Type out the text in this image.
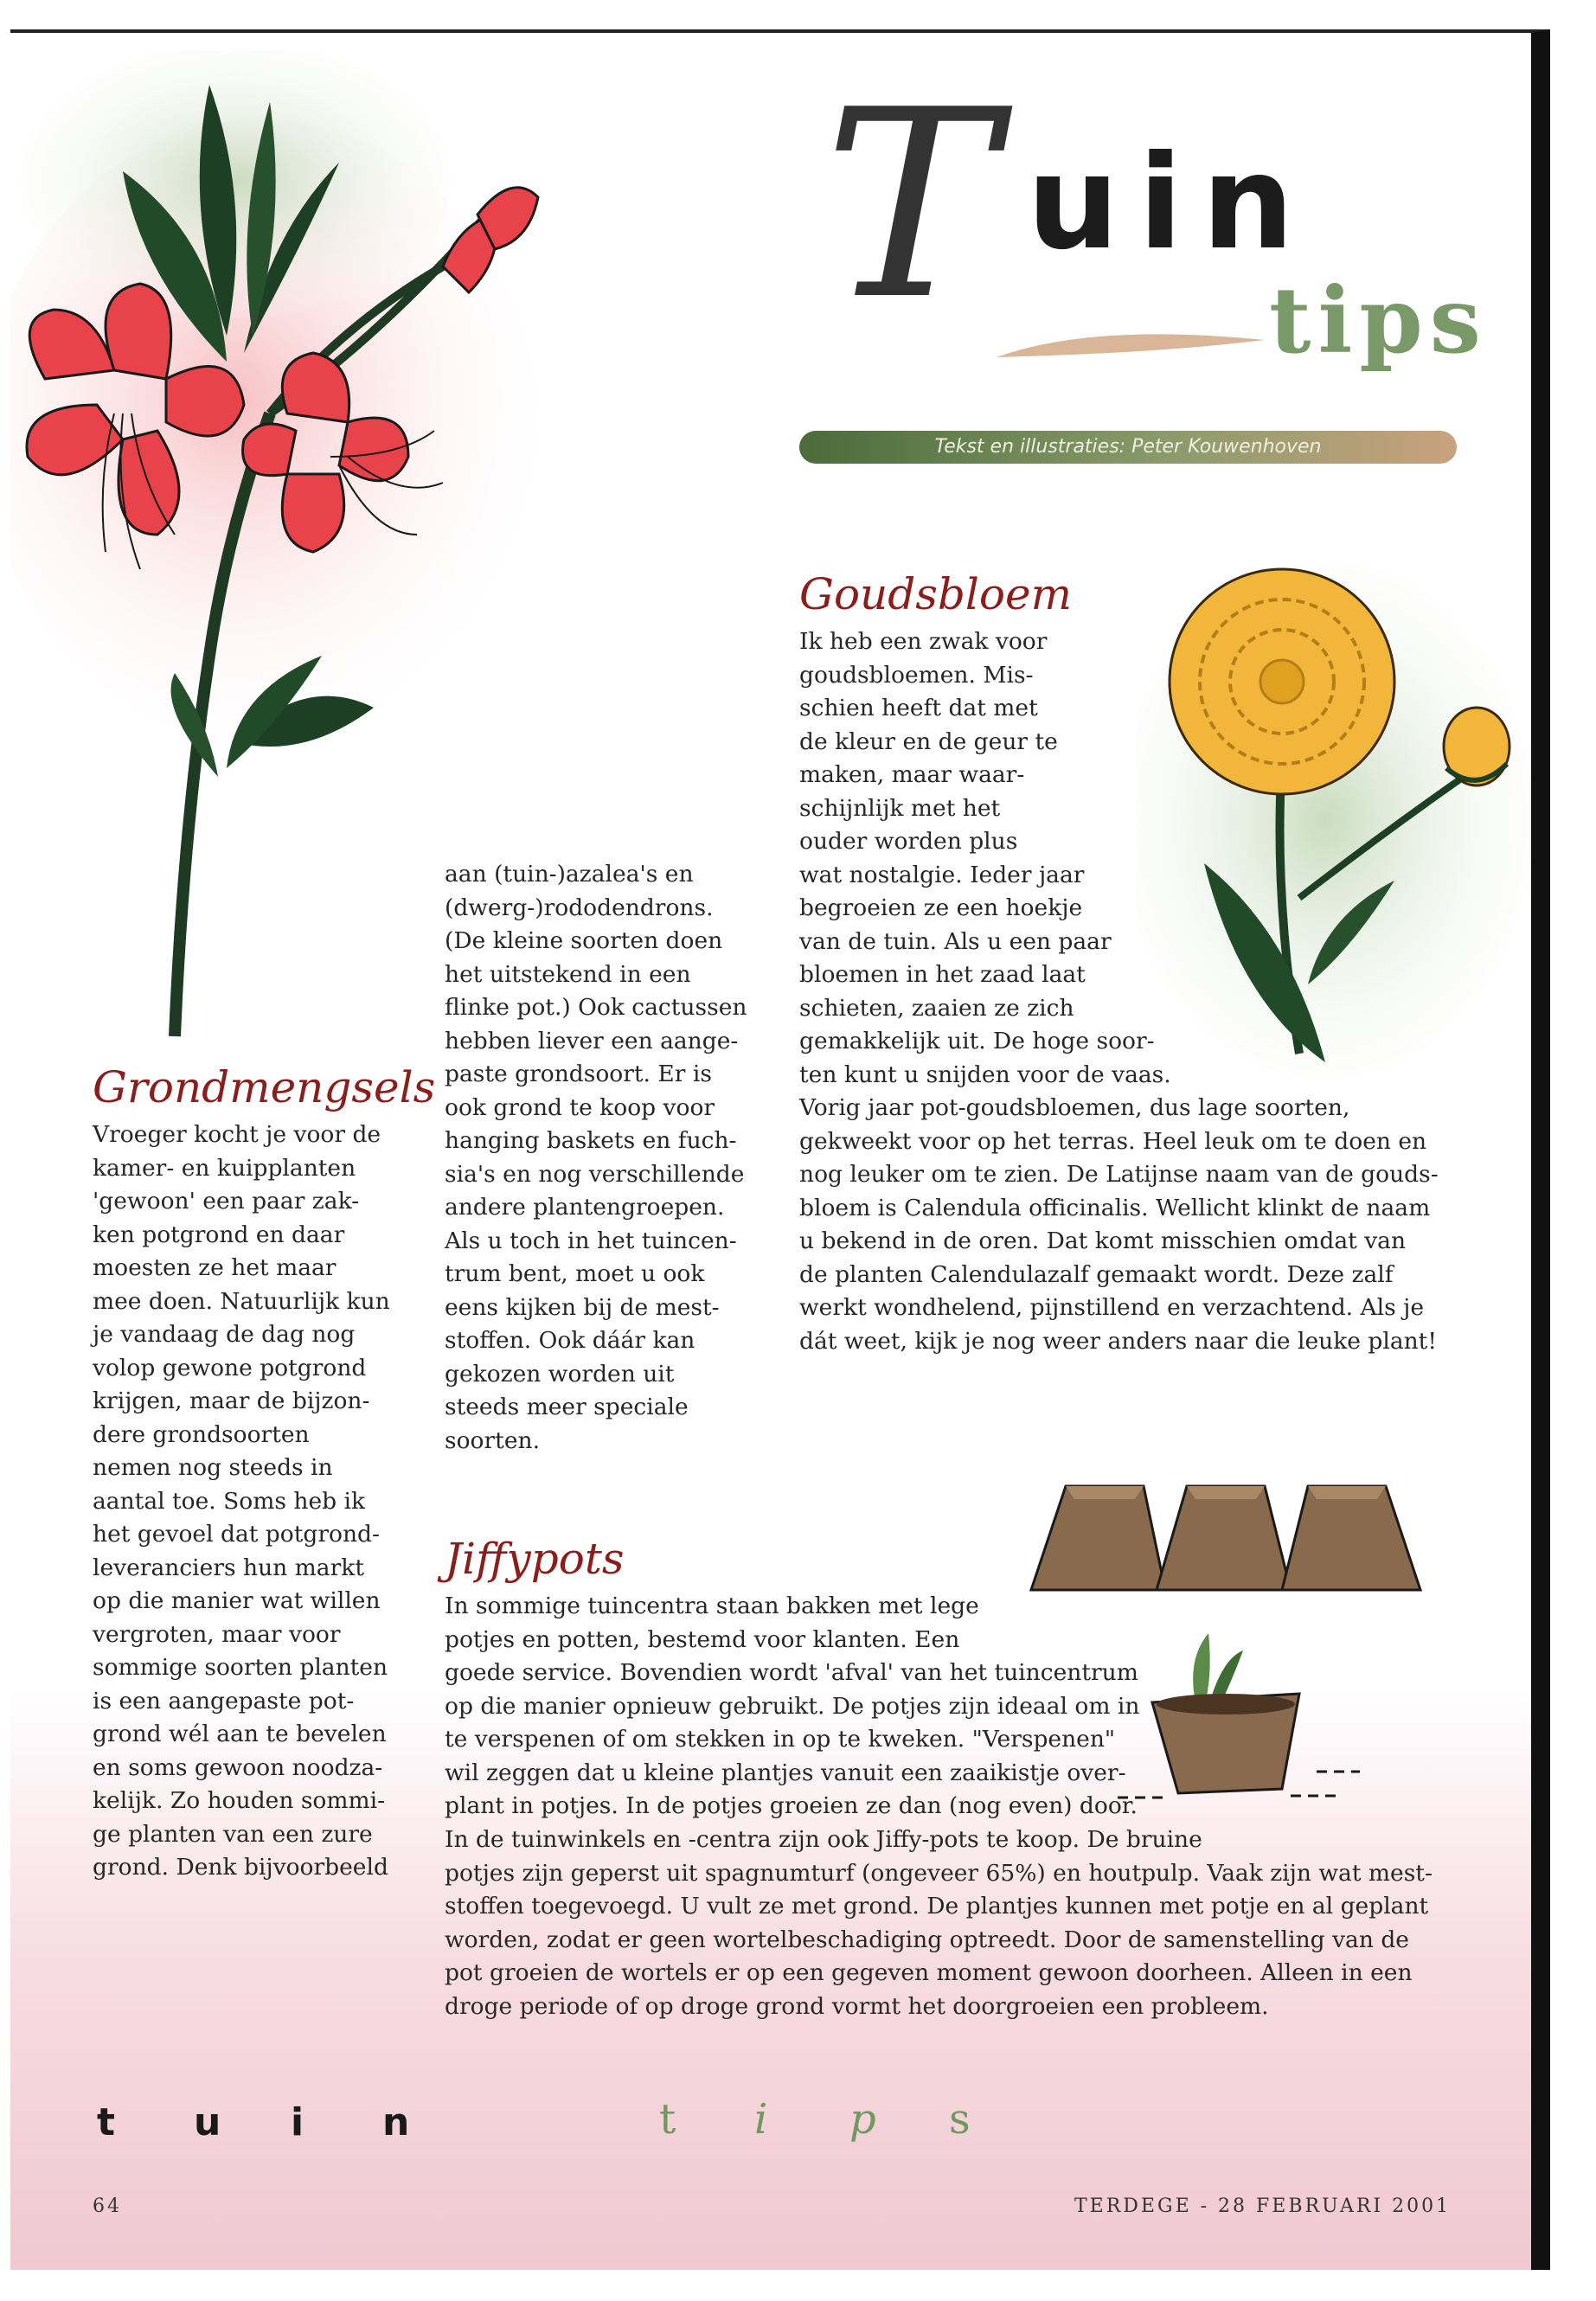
T uin
tips
Tekst en illustraties: Peter Kouwenhoven
Goudsbloem
Ik heb een zwak voor
goudsbloemen. Mis-
schien heeft dat met
de kleur en de geur te
maken, maar waar-
schijnlijk met het
ouder worden plus
wat nostalgie. Ieder jaar
begroeien ze een hoekje
van de tuin. Als u een paar
bloemen in het zaad laat
schieten, zaaien ze zich
gemakkelijk uit. De hoge soor-
ten kunt u snijden voor de vaas.
Vorig jaar pot-goudsbloemen, dus lage soorten,
gekweekt voor op het terras. Heel leuk om te doen en
nog leuker om te zien. De Latijnse naam van de gouds-
bloem is Calendula officinalis. Wellicht klinkt de naam
u bekend in de oren. Dat komt misschien omdat van
de planten Calendulazalf gemaakt wordt. Deze zalf
werkt wondhelend, pijnstillend en verzachtend. Als je
dát weet, kijk je nog weer anders naar die leuke plant!
Grondmengsels
Vroeger kocht je voor de
kamer- en kuipplanten
'gewoon' een paar zak-
ken potgrond en daar
moesten ze het maar
mee doen. Natuurlijk kun
je vandaag de dag nog
volop gewone potgrond
krijgen, maar de bijzon-
dere grondsoorten
nemen nog steeds in
aantal toe. Soms heb ik
het gevoel dat potgrond-
leveranciers hun markt
op die manier wat willen
vergroten, maar voor
sommige soorten planten
is een aangepaste pot-
grond wél aan te bevelen
en soms gewoon noodza-
kelijk. Zo houden sommi-
ge planten van een zure
grond. Denk bijvoorbeeld
aan (tuin-)azalea's en
(dwerg-)rododendrons.
(De kleine soorten doen
het uitstekend in een
flinke pot.) Ook cactussen
hebben liever een aange-
paste grondsoort. Er is
ook grond te koop voor
hanging baskets en fuch-
sia's en nog verschillende
andere plantengroepen.
Als u toch in het tuincen-
trum bent, moet u ook
eens kijken bij de mest-
stoffen. Ook dáár kan
gekozen worden uit
steeds meer speciale
soorten.
Jiffypots
In sommige tuincentra staan bakken met lege
potjes en potten, bestemd voor klanten. Een
goede service. Bovendien wordt 'afval' van het tuincentrum
op die manier opnieuw gebruikt. De potjes zijn ideaal om in
te verspenen of om stekken in op te kweken. "Verspenen"
wil zeggen dat u kleine plantjes vanuit een zaaikistje over-
plant in potjes. In de potjes groeien ze dan (nog even) door.
In de tuinwinkels en -centra zijn ook Jiffy-pots te koop. De bruine
potjes zijn geperst uit spagnumturf (ongeveer 65%) en houtpulp. Vaak zijn wat mest-
stoffen toegevoegd. U vult ze met grond. De plantjes kunnen met potje en al geplant
worden, zodat er geen wortelbeschadiging optreedt. Door de samenstelling van de
pot groeien de wortels er op een gegeven moment gewoon doorheen. Alleen in een
droge periode of op droge grond vormt het doorgroeien een probleem.
t u i n	t i p s
64	TERDEGE - 28 FEBRUARI 2001
